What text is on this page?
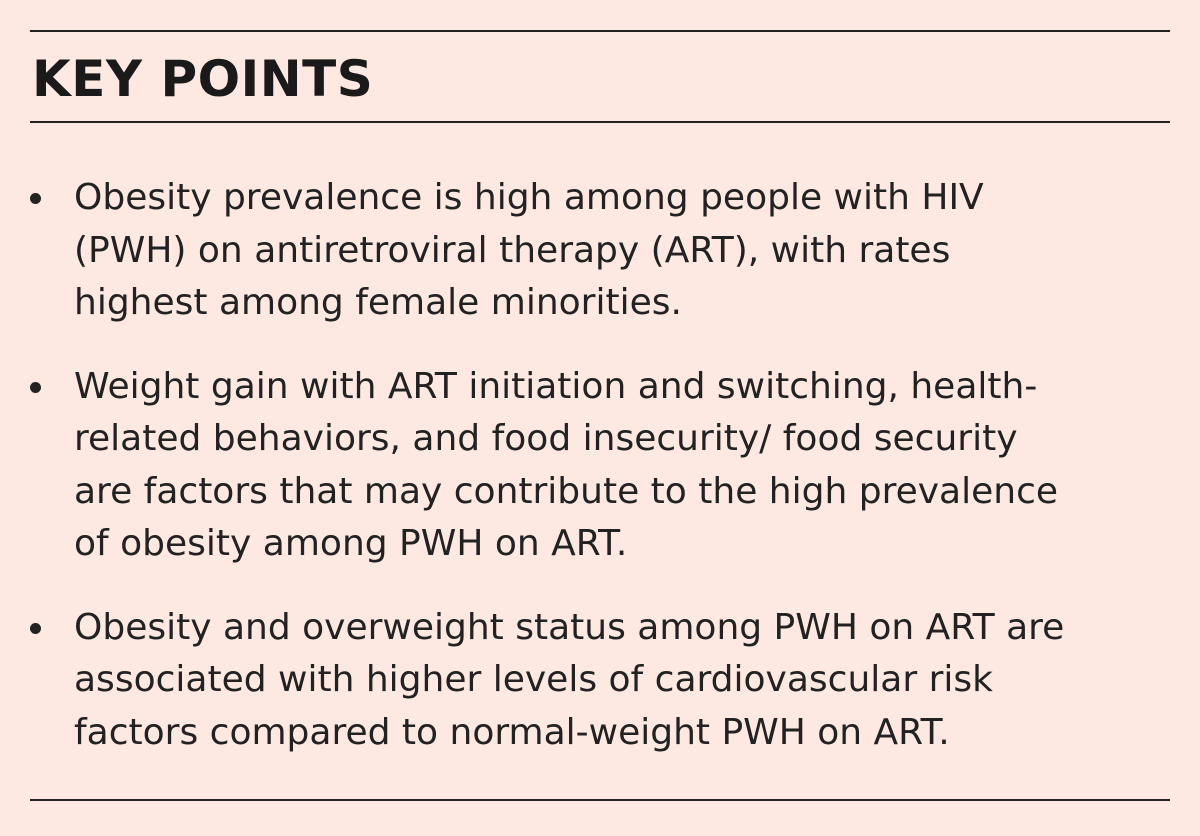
KEY POINTS
Obesity prevalence is high among people with HIV
(PWH) on antiretroviral therapy (ART), with rates
highest among female minorities.
Weight gain with ART initiation and switching, health-
related behaviors, and food insecurity/ food security
are factors that may contribute to the high prevalence
of obesity among PWH on ART.
Obesity and overweight status among PWH on ART are
associated with higher levels of cardiovascular risk
factors compared to normal-weight PWH on ART.
